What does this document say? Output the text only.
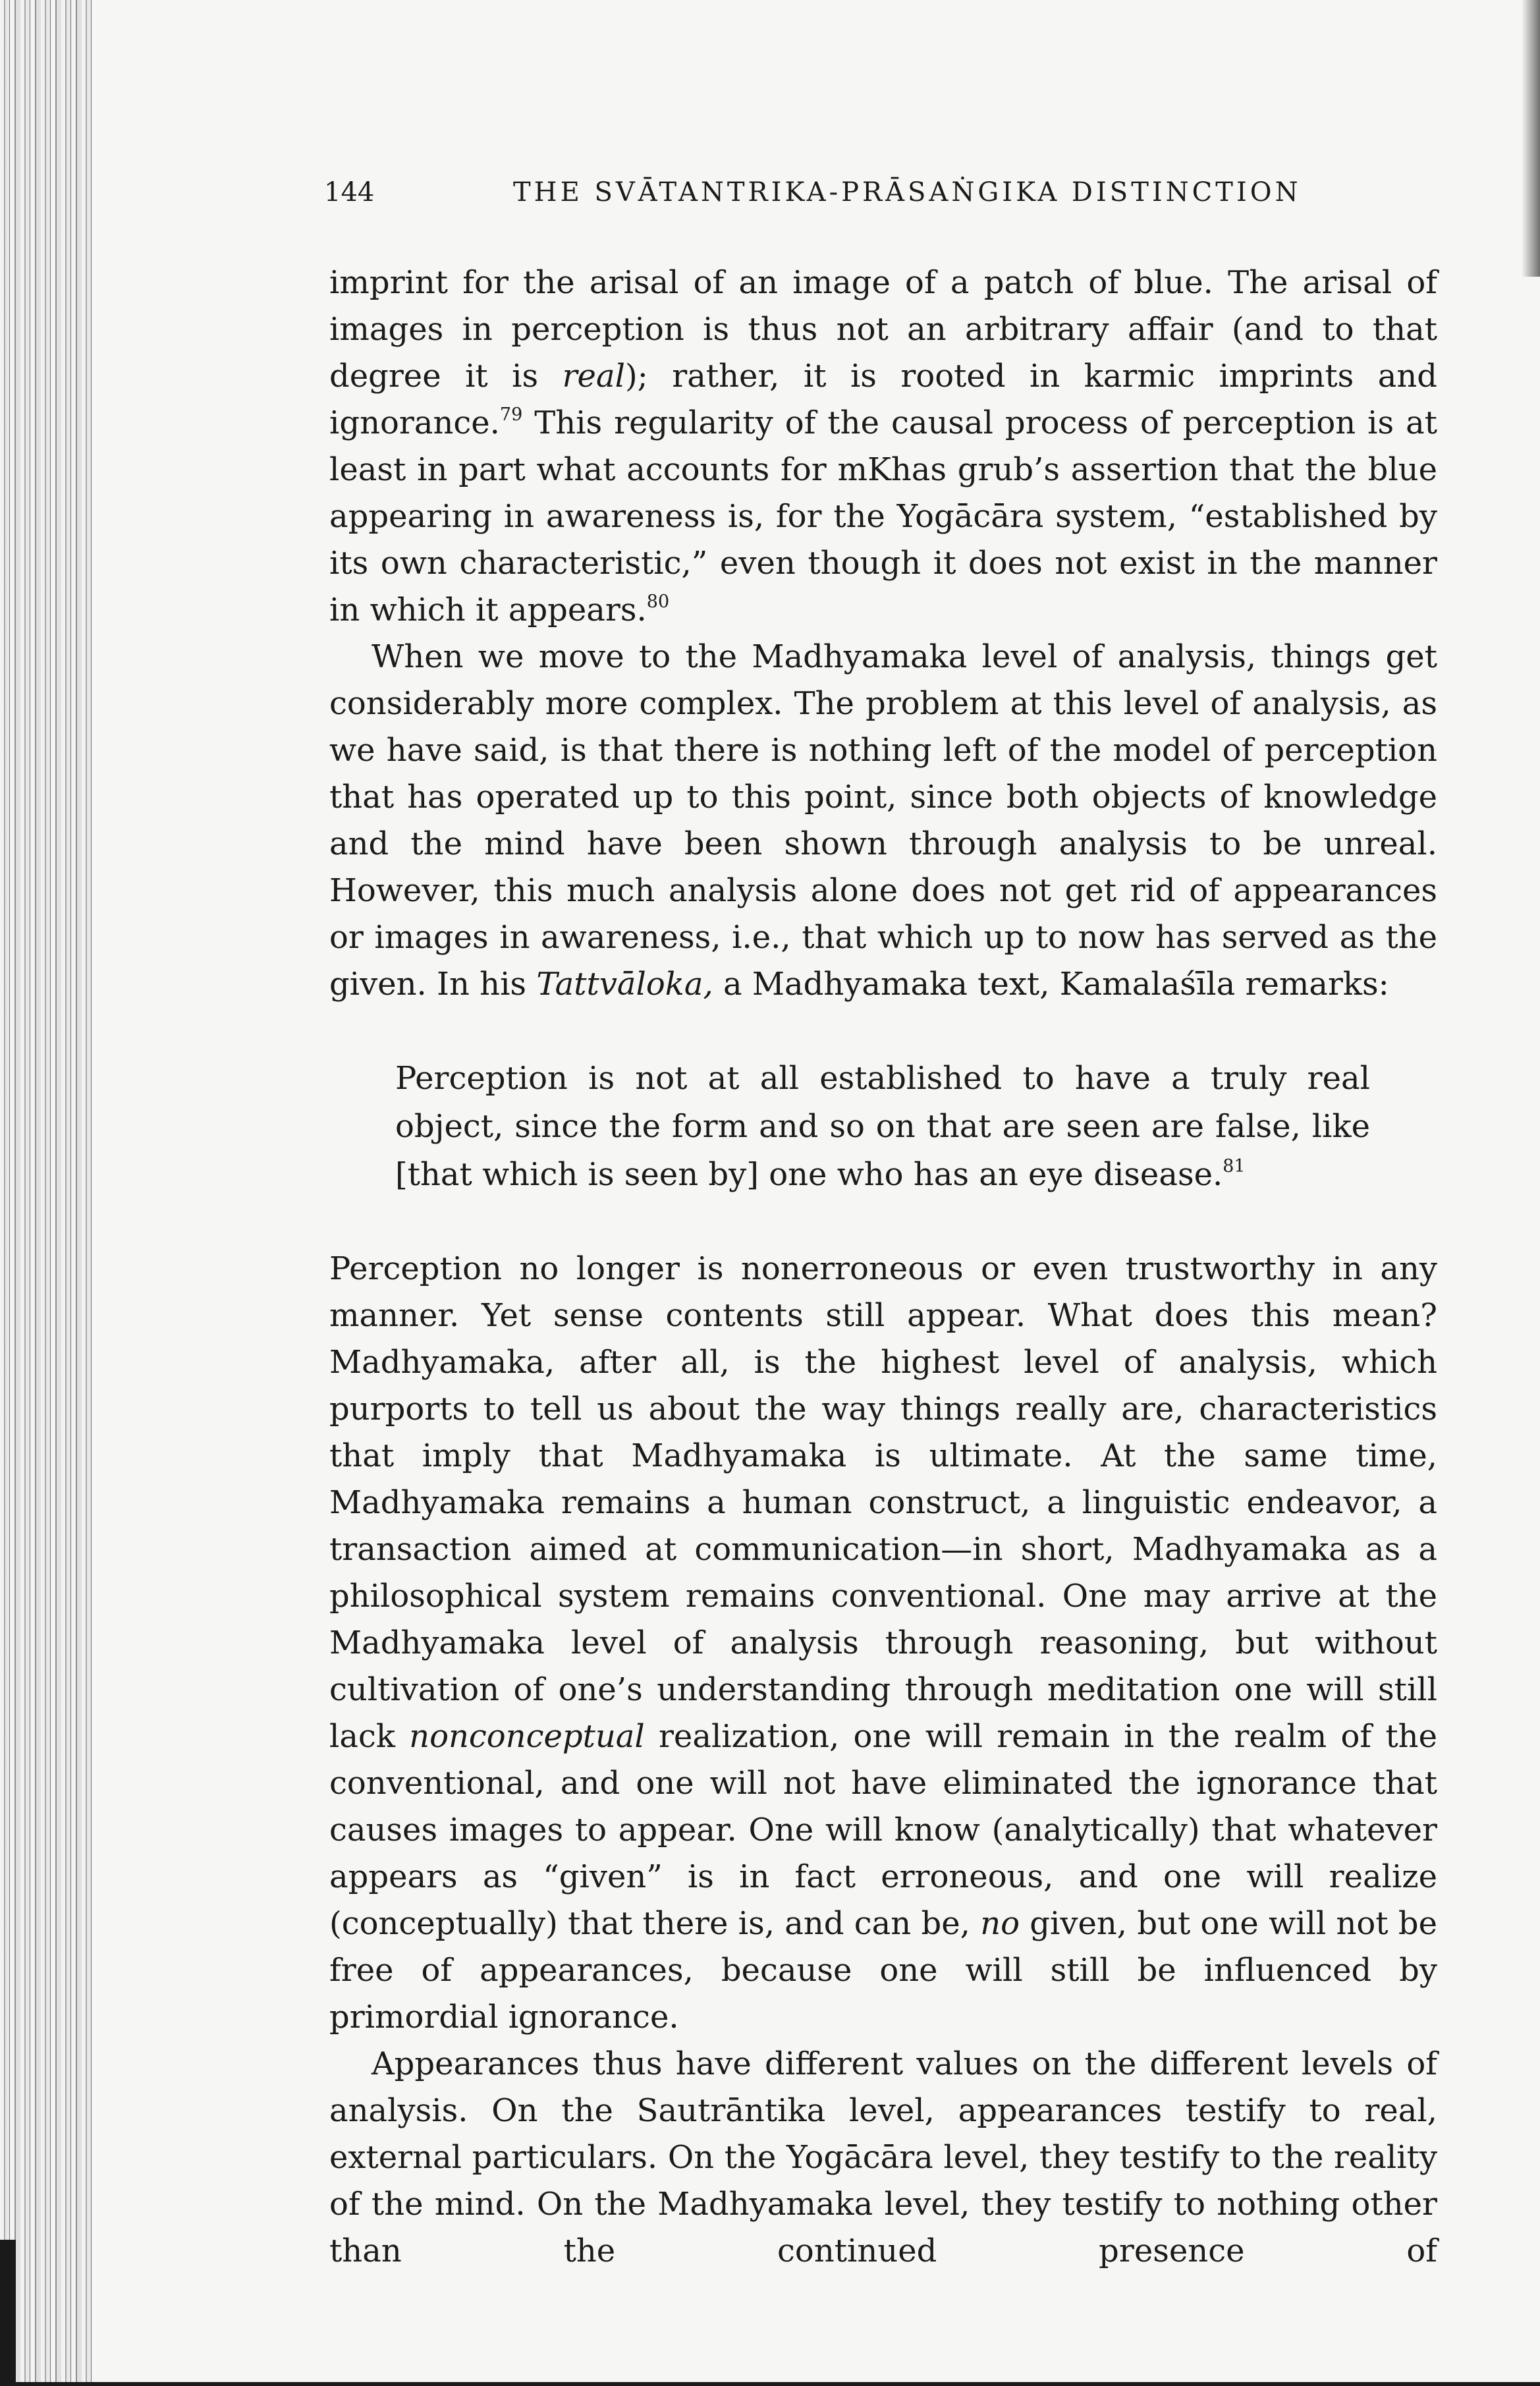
144	THE SVĀTANTRIKA-PRĀSAṄGIKA DISTINCTION

imprint for the arisal of an image of a patch of blue. The arisal of images in perception is thus not an arbitrary affair (and to that degree it is real); rather, it is rooted in karmic imprints and ignorance.$^{79}$ This regularity of the causal process of perception is at least in part what accounts for mKhas grub’s assertion that the blue appearing in awareness is, for the Yogācāra system, “established by its own characteristic,” even though it does not exist in the manner in which it appears.$^{80}$

When we move to the Madhyamaka level of analysis, things get considerably more complex. The problem at this level of analysis, as we have said, is that there is nothing left of the model of perception that has operated up to this point, since both objects of knowledge and the mind have been shown through analysis to be unreal. However, this much analysis alone does not get rid of appearances or images in awareness, i.e., that which up to now has served as the given. In his Tattvāloka, a Madhyamaka text, Kamalaśīla remarks:

Perception is not at all established to have a truly real object, since the form and so on that are seen are false, like [that which is seen by] one who has an eye disease.$^{81}$

Perception no longer is nonerroneous or even trustworthy in any manner. Yet sense contents still appear. What does this mean? Madhyamaka, after all, is the highest level of analysis, which purports to tell us about the way things really are, characteristics that imply that Madhyamaka is ultimate. At the same time, Madhyamaka remains a human construct, a linguistic endeavor, a transaction aimed at communication—in short, Madhyamaka as a philosophical system remains conventional. One may arrive at the Madhyamaka level of analysis through reasoning, but without cultivation of one’s understanding through meditation one will still lack nonconceptual realization, one will remain in the realm of the conventional, and one will not have eliminated the ignorance that causes images to appear. One will know (analytically) that whatever appears as “given” is in fact erroneous, and one will realize (conceptually) that there is, and can be, no given, but one will not be free of appearances, because one will still be influenced by primordial ignorance.

Appearances thus have different values on the different levels of analysis. On the Sautrāntika level, appearances testify to real, external particulars. On the Yogācāra level, they testify to the reality of the mind. On the Madhyamaka level, they testify to nothing other than the continued presence of
